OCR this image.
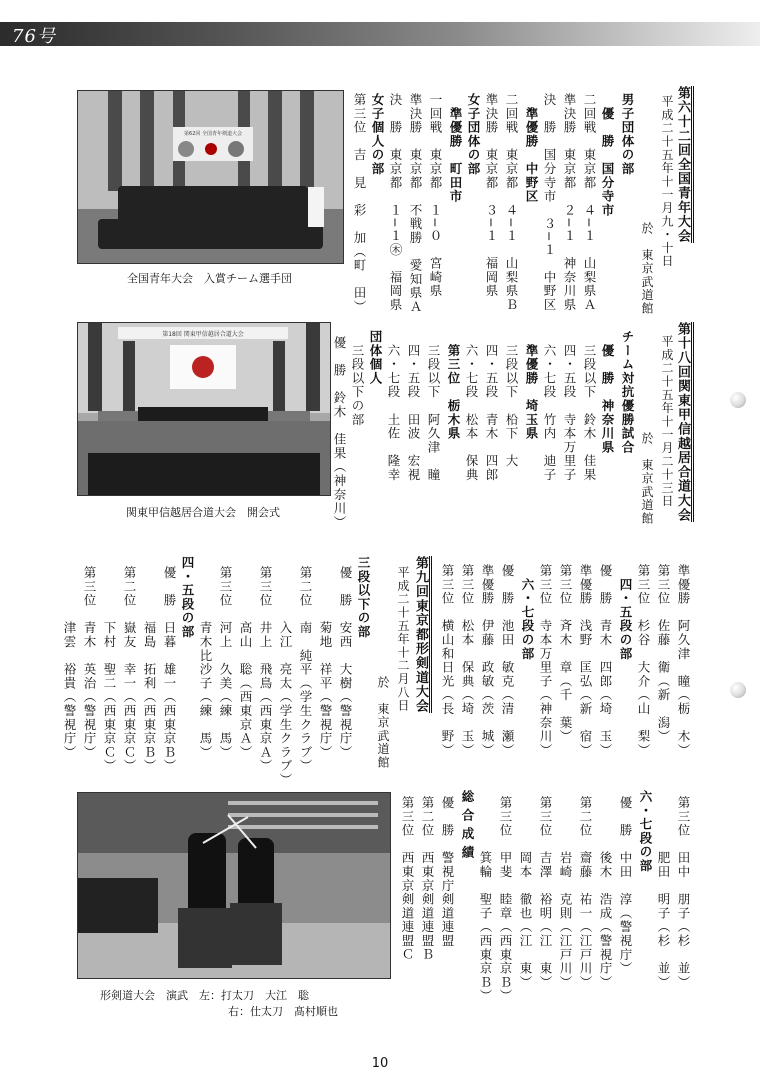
76号
第62回 全国青年剣道大会
全国青年大会　入賞チーム選手団
第六十二回全国青年大会
平成二十五年十一月九・十日
於　東京武道館
男子団体の部
　優　勝　国分寺市
二回戦　東京都　４−１　山梨県Ａ
準決勝　東京都　２−１　神奈川県
決　勝　国分寺市　３−１　中野区
　準優勝　中野区
二回戦　東京都　４−１　山梨県Ｂ
準決勝　東京都　３−１　福岡県
女子団体の部
　準優勝　町田市
一回戦　東京都　１−０　宮崎県
準決勝　東京都　不戦勝　愛知県Ａ
決　勝　東京都　１−１㊍　福岡県
女子個人の部
第三位　吉　見　彩　加（町　田）
第18回 関東甲信越居合道大会
関東甲信越居合道大会　開会式	第十八回関東甲信越居合道大会
平成二十五年十一月二十三日
於　東京武道館
チーム対抗優勝試合
　優　勝　神奈川県
　三段以下　鈴木　佳果
　四・五段　寺本万里子
　六・七段　竹内　迪子
　準優勝　埼玉県
　三段以下　柗下　大
　四・五段　青木　四郎
　六・七段　松本　保典
　第三位　栃木県
　三段以下　阿久津　瞳
　四・五段　田波　宏視
　六・七段　土佐　隆幸
団体個人
　三段以下の部
優　勝　鈴木　佳果（神奈川）
準優勝　阿久津　瞳（栃　木）
第三位　佐藤　衛（新　潟）
第三位　杉谷　大介（山　梨）
　四・五段の部
優　勝　青木　四郎（埼　玉）
準優勝　浅野　匡弘（新　宿）
第三位　斉木　章（千　葉）
第三位　寺本万里子（神奈川）
　六・七段の部
優　勝　池田　敏克（清　瀬）
準優勝　伊藤　政敏（茨　城）
第三位　松本　保典（埼　玉）
第三位　横山和日光（長　野）
第九回東京都形剣道大会
平成二十五年十二月八日
於　東京武道館
三段以下の部
優　勝　安西　大樹（警視庁）
　　　　菊地　祥平（警視庁）
第二位　南　純平（学生クラブ）
　　　　入江　亮太（学生クラブ）
第三位　井上　飛鳥（西東京Ａ）
　　　　高山　聡（西東京Ａ）
第三位　河上　久美（練　馬）
　　　　青木比沙子（練　馬）
四・五段の部
優　勝　日暮　雄一（西東京Ｂ）
　　　　福島　拓利（西東京Ｂ）
第二位　嶽友　幸一（西東京Ｃ）
　　　　下村　聖二（西東京Ｃ）
第三位　青木　英治（警視庁）
　　　　津雲　裕貴（警視庁）
形剣道大会　演武　左：打太刀　大江　聡
右：仕太刀　髙村順也
第三位　田中　朋子（杉　並）
　　　　肥田　明子（杉　並）
六・七段の部
優　勝　中田　淳（警視庁）
　　　　後木　浩成（警視庁）
第二位　齋藤　祐一（江戸川）
　　　　岩崎　克則（江戸川）
第三位　吉澤　裕明（江　東）
　　　　岡本　徹也（江　東）
第三位　甲斐　睦章（西東京Ｂ）
　　　　箕輪　聖子（西東京Ｂ）
総合成績
優　勝　警視庁剣道連盟
第二位　西東京剣道連盟Ｂ
第三位　西東京剣道連盟Ｃ
10
